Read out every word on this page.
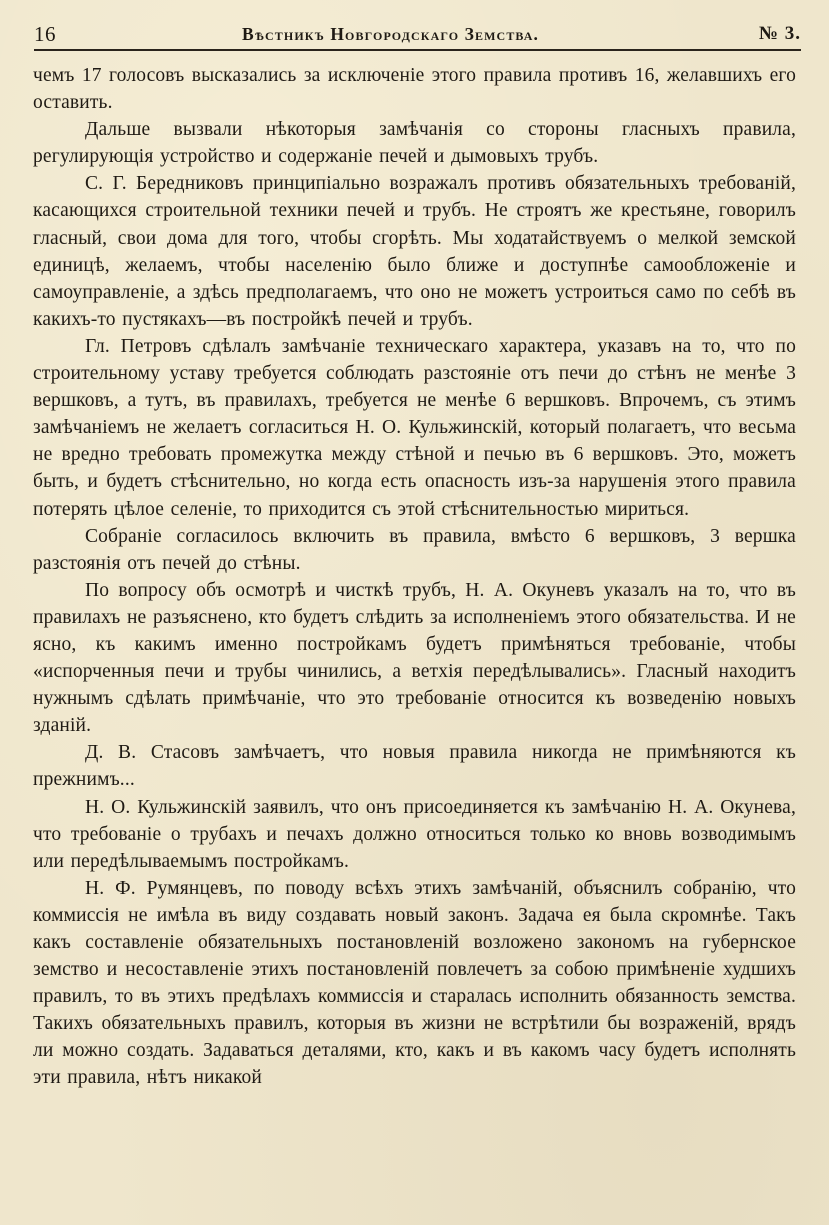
16	Вѣстникъ Новгородскаго Земства.	№ 3.

чемъ 17 голосовъ высказались за исключеніе этого правила противъ 16, желавшихъ его оставить.

Дальше вызвали нѣкоторыя замѣчанія со стороны гласныхъ правила, регулирующія устройство и содержаніе печей и дымовыхъ трубъ.

С. Г. Бередниковъ принципіально возражалъ противъ обязательныхъ требованій, касающихся строительной техники печей и трубъ. Не строятъ же крестьяне, говорилъ гласный, свои дома для того, чтобы сгорѣть. Мы ходатайствуемъ о мелкой земской единицѣ, желаемъ, чтобы населенію было ближе и доступнѣе самообложеніе и самоуправленіе, а здѣсь предполагаемъ, что оно не можетъ устроиться само по себѣ въ какихъ-то пустякахъ—въ постройкѣ печей и трубъ.

Гл. Петровъ сдѣлалъ замѣчаніе техническаго характера, указавъ на то, что по строительному уставу требуется соблюдать разстояніе отъ печи до стѣнъ не менѣе 3 вершковъ, а тутъ, въ правилахъ, требуется не менѣе 6 вершковъ. Впрочемъ, съ этимъ замѣчаніемъ не желаетъ согласиться Н. О. Кульжинскій, который полагаетъ, что весьма не вредно требовать промежутка между стѣной и печью въ 6 вершковъ. Это, можетъ быть, и будетъ стѣснительно, но когда есть опасность изъ-за нарушенія этого правила потерять цѣлое селеніе, то приходится съ этой стѣснительностью мириться.

Собраніе согласилось включить въ правила, вмѣсто 6 вершковъ, 3 вершка разстоянія отъ печей до стѣны.

По вопросу объ осмотрѣ и чисткѣ трубъ, Н. А. Окуневъ указалъ на то, что въ правилахъ не разъяснено, кто будетъ слѣдить за исполненіемъ этого обязательства. И не ясно, къ какимъ именно постройкамъ будетъ примѣняться требованіе, чтобы «испорченныя печи и трубы чинились, а ветхія передѣлывались». Гласный находитъ нужнымъ сдѣлать примѣчаніе, что это требованіе относится къ возведенію новыхъ зданій.

Д. В. Стасовъ замѣчаетъ, что новыя правила никогда не примѣняются къ прежнимъ...

Н. О. Кульжинскій заявилъ, что онъ присоединяется къ замѣчанію Н. А. Окунева, что требованіе о трубахъ и печахъ должно относиться только ко вновь возводимымъ или передѣлываемымъ постройкамъ.

Н. Ф. Румянцевъ, по поводу всѣхъ этихъ замѣчаній, объяснилъ собранію, что коммиссія не имѣла въ виду создавать новый законъ. Задача ея была скромнѣе. Такъ какъ составленіе обязательныхъ постановленій возложено закономъ на губернское земство и несоставленіе этихъ постановленій повлечетъ за собою примѣненіе худшихъ правилъ, то въ этихъ предѣлахъ коммиссія и старалась исполнить обязанность земства. Такихъ обязательныхъ правилъ, которыя въ жизни не встрѣтили бы возраженій, врядъ ли можно создать. Задаваться деталями, кто, какъ и въ какомъ часу будетъ исполнять эти правила, нѣтъ никакой
